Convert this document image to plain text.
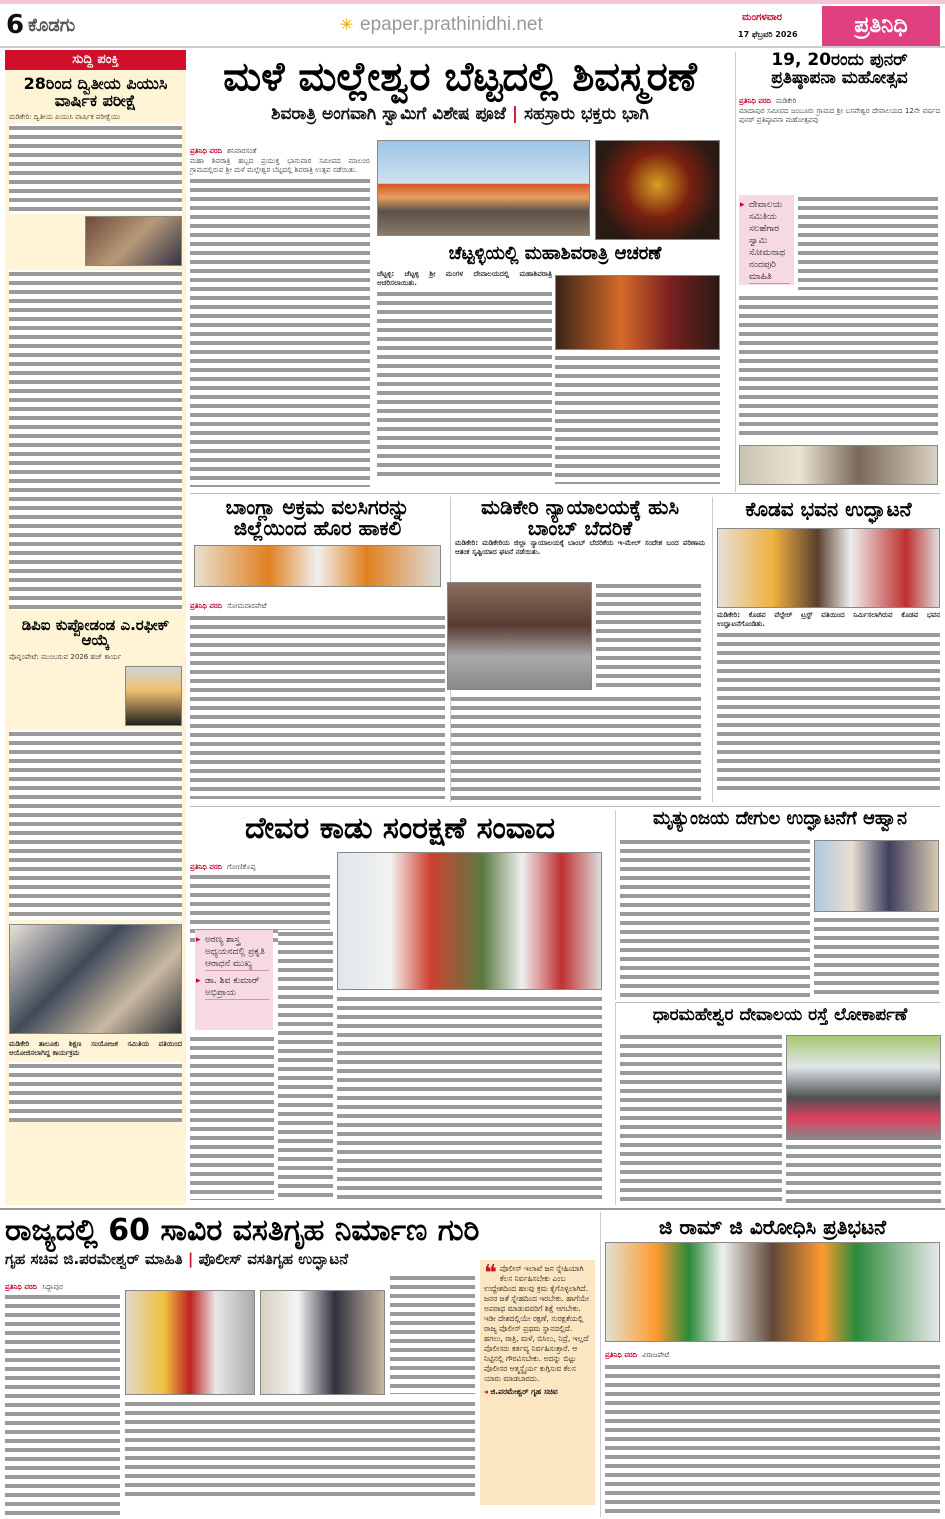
6 ಕೊಡಗು	✳ epaper.prathinidhi.net	ಮಂಗಳವಾರ
17 ಫೆಬ್ರವರಿ 2026	ಪ್ರತಿನಿಧಿ
ಸುದ್ದಿ ಪಂಕ್ತಿ
28ರಿಂದ ದ್ವಿತೀಯ ಪಿಯುಸಿ ವಾರ್ಷಿಕ ಪರೀಕ್ಷೆ
ಮಡಿಕೇರಿ: ದ್ವಿತೀಯ ಪಿಯುಸಿ ವಾರ್ಷಿಕ ಪರೀಕ್ಷೆಯು
ಡಿಪಿಐ ಕುಪ್ಪೋಡಂಡ ಎ.ರಫೀಕ್ ಆಯ್ಕೆ
ಪೊನ್ನಂಪೇಟೆ: ಮುಂಬರುವ 2026 ಹಜ್ ಕಾರ್ಯ
ಮಡಿಕೇರಿ ತಾಲೂಕು ಶಿಕ್ಷಣ ಸಂಯೋಜಕ ಸಮಿತಿಯ ವತಿಯಿಂದ ಆಯೋಜಿಸಲಾಗಿದ್ದ ಕಾರ್ಯಕ್ರಮ
ಮಳೆ ಮಲ್ಲೇಶ್ವರ ಬೆಟ್ಟದಲ್ಲಿ ಶಿವಸ್ಮರಣೆ
ಶಿವರಾತ್ರಿ ಅಂಗವಾಗಿ ಸ್ವಾಮಿಗೆ ವಿಶೇಷ ಪೂಜೆ | ಸಹಸ್ರಾರು ಭಕ್ತರು ಭಾಗಿ
ಪ್ರತಿನಿಧಿ ವರದಿ ಶನಿವಾರಸಂತೆ
ಮಹಾ ಶಿವರಾತ್ರಿ ಹಬ್ಬದ ಪ್ರಯುಕ್ತ ಭಾನುವಾರ ಸಮೀಪದ ಮಾಲಂಬಿ ಗ್ರಾಮದಲ್ಲಿರುವ ಶ್ರೀ ಮಳೆ ಮಲ್ಲೇಶ್ವರ ಬೆಟ್ಟದಲ್ಲಿ ಶಿವರಾತ್ರಿ ಉತ್ಸವ ನಡೆಯಿತು.
ಚೆಟ್ಟಳ್ಳಿಯಲ್ಲಿ ಮಹಾಶಿವರಾತ್ರಿ ಆಚರಣೆ
ಚೆಟ್ಟಳ್ಳಿ: ಚೆಟ್ಟಳ್ಳಿ ಶ್ರೀ ಮಂಗಳ ದೇವಾಲಯದಲ್ಲಿ ಮಹಾಶಿವರಾತ್ರಿ ಆಚರಿಸಲಾಯಿತು.
19, 20ರಂದು ಪುನರ್ ಪ್ರತಿಷ್ಠಾಪನಾ ಮಹೋತ್ಸವ
ಪ್ರತಿನಿಧಿ ವರದಿ ಮಡಿಕೇರಿ
ಮಾದಾಪುರ ಸಮೀಪದ ಜಂಬೂರು ಗ್ರಾಮದ ಶ್ರೀ ಬಸವೇಶ್ವರ ದೇವಾಲಯದ 12ನೇ ವರ್ಷದ ಪುನರ್ ಪ್ರತಿಷ್ಠಾಪನಾ ಮಹೋತ್ಸವವು
▸ ದೇವಾಲಯ ಸಮಿತಿಯ ಸಲಹೆಗಾರ ಸ್ವಾಮಿ ಸೋಮನಾಥ ನಂದಪುರಿ ಮಾಹಿತಿ
ಬಾಂಗ್ಲಾ ಅಕ್ರಮ ವಲಸಿಗರನ್ನು ಜಿಲ್ಲೆಯಿಂದ ಹೊರ ಹಾಕಲಿ
ಪ್ರತಿನಿಧಿ ವರದಿ ಸೋಮವಾರಪೇಟೆ
ಮಡಿಕೇರಿ ನ್ಯಾಯಾಲಯಕ್ಕೆ ಹುಸಿ ಬಾಂಬ್ ಬೆದರಿಕೆ
ಮಡಿಕೇರಿ: ಮಡಿಕೇರಿಯ ಜಿಲ್ಲಾ ನ್ಯಾಯಾಲಯಕ್ಕೆ ಬಾಂಬ್ ಬೆದರಿಕೆಯ ಇ-ಮೇಲ್ ಸಂದೇಶ ಬಂದ ಪರಿಣಾಮ ಆತಂಕ ಸೃಷ್ಟಿಯಾದ ಘಟನೆ ನಡೆಯಿತು.
ಕೊಡವ ಭವನ ಉದ್ಘಾಟನೆ
ಮಡಿಕೇರಿ: ಕೊಡವ ವೆಲ್ಫೇರ್ ಟ್ರಸ್ಟ್ ವತಿಯಿಂದ ನಿರ್ಮಿಸಲಾಗಿರುವ ಕೊಡವ ಭವನ ಉದ್ಘಾಟನೆಗೊಂಡಿತು.
ದೇವರ ಕಾಡು ಸಂರಕ್ಷಣೆ ಸಂವಾದ
ಪ್ರತಿನಿಧಿ ವರದಿ ಗೋಣಿಕೊಪ್ಪ
▸ ಅರಣ್ಯ ಶಾಸ್ತ್ರ ಅಧ್ಯಯನದಲ್ಲಿ ಪ್ರಕೃತಿ ಆರಾಧನೆ ಮುಖ್ಯ
▸ ಡಾ. ಶಿವ ಕುಮಾರ್ ಅಭಿಪ್ರಾಯ
ಮೃತ್ಯುಂಜಯ ದೇಗುಲ ಉದ್ಘಾಟನೆಗೆ ಆಹ್ವಾನ
ಧಾರಮಹೇಶ್ವರ ದೇವಾಲಯ ರಸ್ತೆ ಲೋಕಾರ್ಪಣೆ
ರಾಜ್ಯದಲ್ಲಿ 60 ಸಾವಿರ ವಸತಿಗೃಹ ನಿರ್ಮಾಣ ಗುರಿ
ಗೃಹ ಸಚಿವ ಜಿ.ಪರಮೇಶ್ವರ್ ಮಾಹಿತಿ | ಪೊಲೀಸ್ ವಸತಿಗೃಹ ಉದ್ಘಾಟನೆ
ಪ್ರತಿನಿಧಿ ವರದಿ ಸಿದ್ದಾಪುರ
❝ ಪೊಲೀಸ್ ಇಲಾಖೆ ಜನ ಸ್ನೇಹಿಯಾಗಿ ಕೆಲಸ ನಿರ್ವಹಿಸಬೇಕು ಎಂಬ ಉದ್ದೇಶದಿಂದ ಹಲವು ಕ್ರಮ ಕೈಗೊಳ್ಳಲಾಗಿದೆ. ಜನರ ಜತೆ ಸ್ನೇಹದಿಂದ ಇರಬೇಕು. ಹಾಗೆಯೇ ಅಪರಾಧ ಮಾಡುವವರಿಗೆ ಶಿಕ್ಷೆ ಆಗಬೇಕು. ಇಡೀ ದೇಶದಲ್ಲಿಯೇ ರಕ್ಷಣೆ, ಸುರಕ್ಷತೆಯಲ್ಲಿ ರಾಜ್ಯ ಪೊಲೀಸ್ ಪ್ರಥಮ ಸ್ಥಾನದಲ್ಲಿದೆ. ಹಗಲು, ರಾತ್ರಿ, ಮಳೆ, ಬಿಸಿಲು, ನಿದ್ರೆ, ಇಲ್ಲದೆ ಪೊಲೀಸರು ಕರ್ತವ್ಯ ನಿರ್ವಹಿಸುತ್ತಾರೆ. ಆ ನಿಟ್ಟಿನಲ್ಲಿ ಗೌರವಿಸಬೇಕು. ಅದನ್ನು ಬಿಟ್ಟು ಪೊಲೀಸರ ಆತ್ಮಸ್ಥೈರ್ಯ ಕುಗ್ಗಿಸುವ ಕೆಲಸ ಯಾರು ಮಾಡಬಾರದು.
◂ ಜಿ.ಪರಮೇಶ್ವರ್ ಗೃಹ ಸಚಿವ
ಜಿ ರಾಮ್ ಜಿ ವಿರೋಧಿಸಿ ಪ್ರತಿಭಟನೆ
ಪ್ರತಿನಿಧಿ ವರದಿ ವಿರಾಜಪೇಟೆ
